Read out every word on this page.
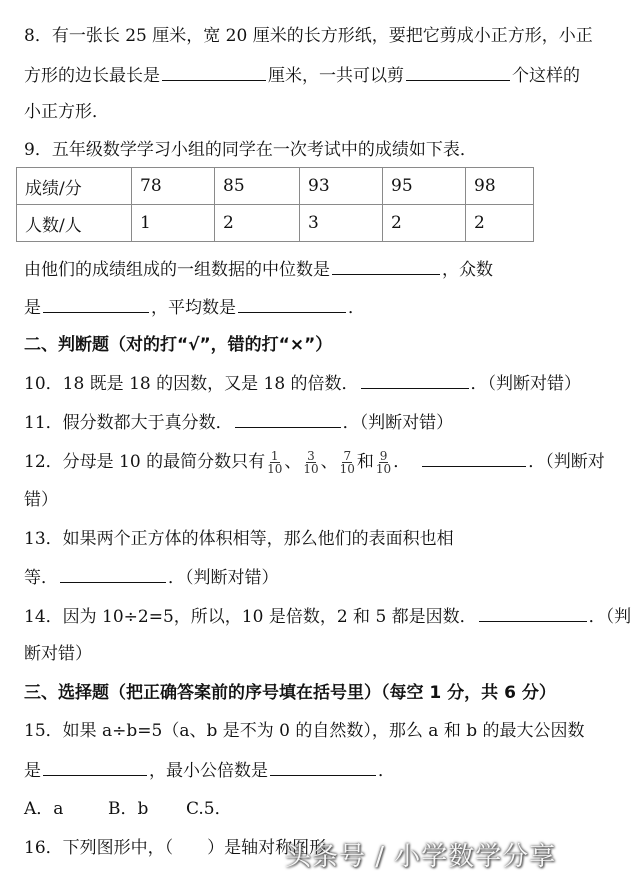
8．有一张长 25 厘米，宽 20 厘米的长方形纸，要把它剪成小正方形，小正
方形的边长最长是	厘米，一共可以剪	个这样的
小正方形．
9．五年级数学学习小组的同学在一次考试中的成绩如下表．
成绩/分	78	85	93	95	98
人数/人	1	2	3	2	2
由他们的成绩组成的一组数据的中位数是	，众数
是	，平均数是	．
二、判断题（对的打“√”，错的打“×”）
10．18 既是 18 的因数，又是 18 的倍数．	．（判断对错）
11．假分数都大于真分数．	．（判断对错）
12．分母是 10 的最简分数只有 $\frac{1}{10}$ 、 $\frac{3}{10}$ 、 $\frac{7}{10}$ 和 $\frac{9}{10}$ ．	．（判断对
错）
13．如果两个正方体的体积相等，那么他们的表面积也相
等．	．（判断对错）
14．因为 10÷2=5，所以，10 是倍数，2 和 5 都是因数．	．（判
断对错）
三、选择题（把正确答案前的序号填在括号里）（每空 1 分，共 6 分）
15．如果 a÷b=5（a、b 是不为 0 的自然数），那么 a 和 b 的最大公因数
是	，最小公倍数是	．
A．a	B．b C.5．
16．下列图形中，（　　）是轴对称图形．
头条号 / 小学数学分享
